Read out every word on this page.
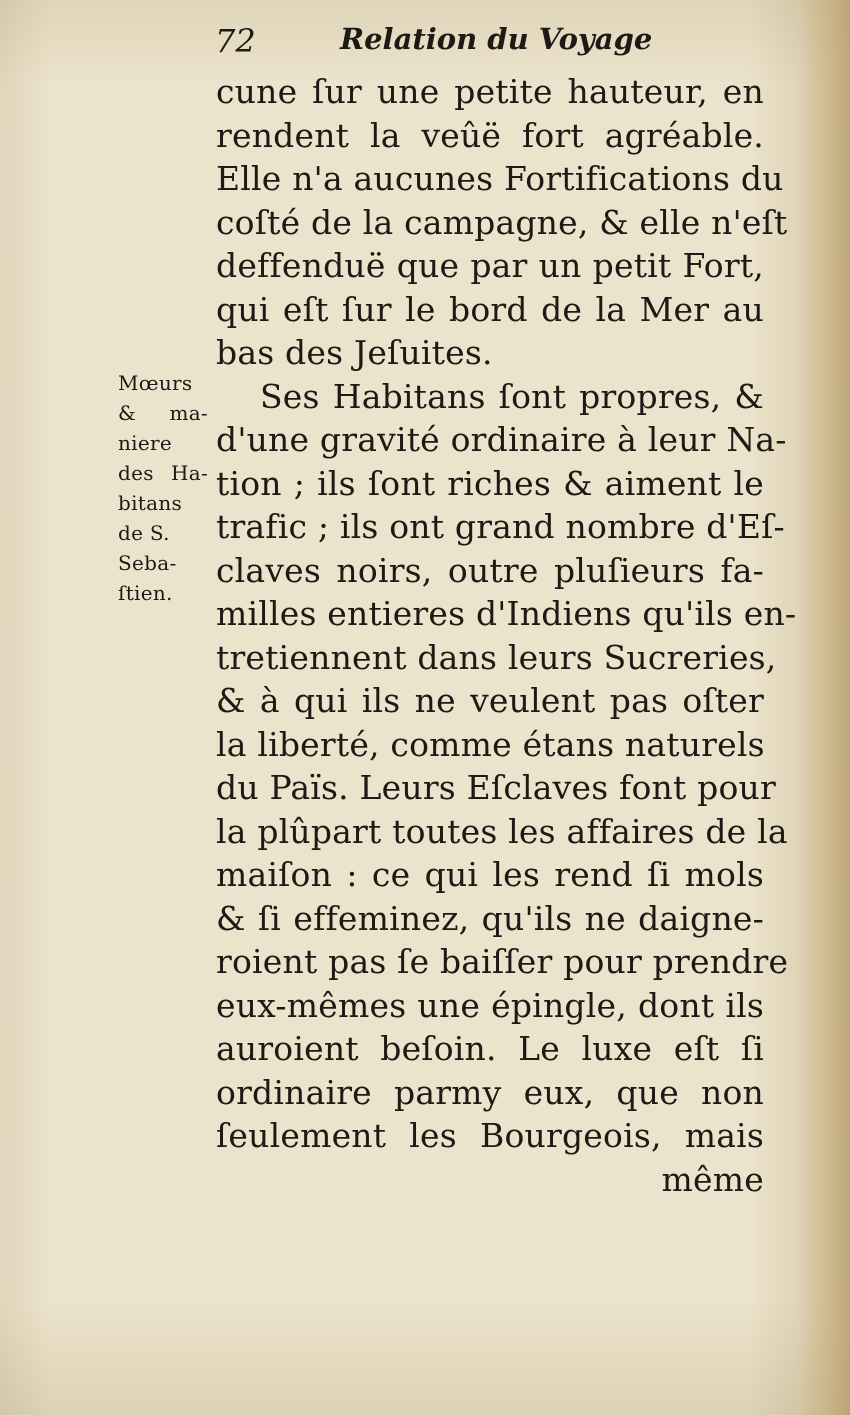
72	Relation du Voyage
Mœurs
& ma-
niere
des Ha-
bitans
de S.
Seba-
ſtien.
cune ſur une petite hauteur, en
rendent la veûë fort agréable.
Elle n'a aucunes Fortifications du
coſté de la campagne, & elle n'eſt
deffenduë que par un petit Fort,
qui eſt ſur le bord de la Mer au
bas des Jeſuites.
Ses Habitans ſont propres, &
d'une gravité ordinaire à leur Na-
tion ; ils ſont riches & aiment le
trafic ; ils ont grand nombre d'Eſ-
claves noirs, outre pluſieurs fa-
milles entieres d'Indiens qu'ils en-
tretiennent dans leurs Sucreries,
& à qui ils ne veulent pas oſter
la liberté, comme étans naturels
du Païs. Leurs Eſclaves font pour
la plûpart toutes les affaires de la
maiſon : ce qui les rend ſi mols
& ſi effeminez, qu'ils ne daigne-
roient pas ſe baiſſer pour prendre
eux-mêmes une épingle, dont ils
auroient beſoin. Le luxe eſt ſi
ordinaire parmy eux, que non
ſeulement les Bourgeois, mais
même
